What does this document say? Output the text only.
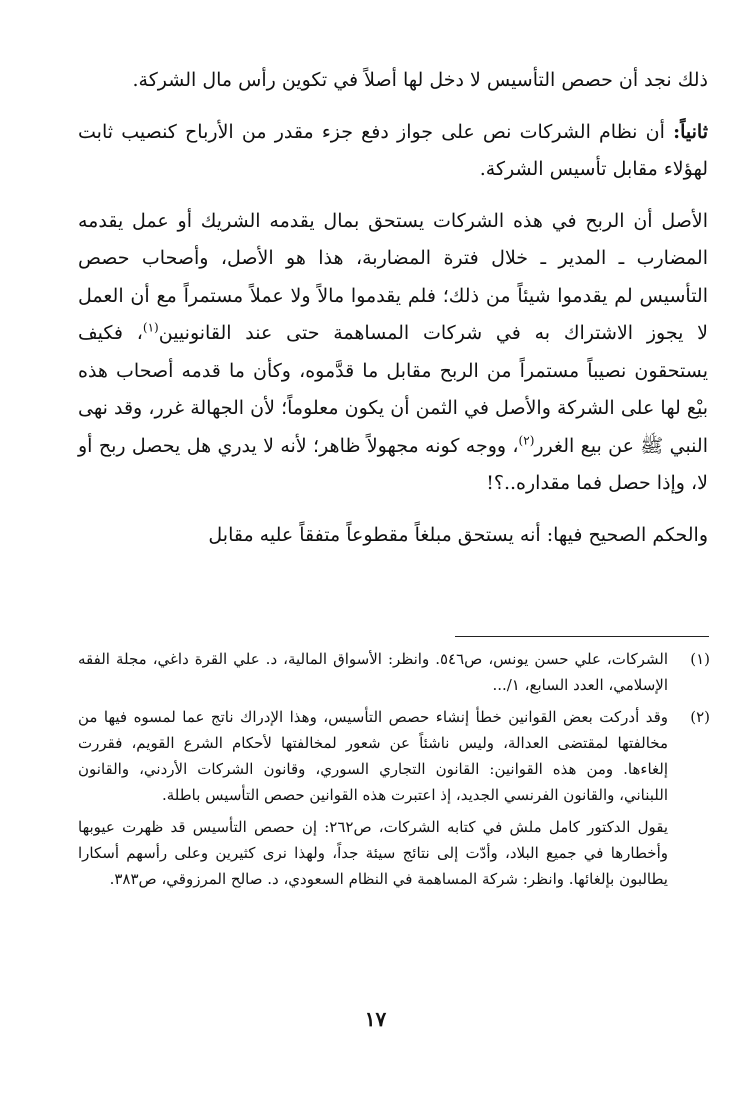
ذلك نجد أن حصص التأسيس لا دخل لها أصلاً في تكوين رأس مال الشركة.

ثانياً: أن نظام الشركات نص على جواز دفع جزء مقدر من الأرباح كنصيب ثابت لهؤلاء مقابل تأسيس الشركة.

الأصل أن الربح في هذه الشركات يستحق بمال يقدمه الشريك أو عمل يقدمه المضارب ـ المدير ـ خلال فترة المضاربة، هذا هو الأصل، وأصحاب حصص التأسيس لم يقدموا شيئاً من ذلك؛ فلم يقدموا مالاً ولا عملاً مستمراً مع أن العمل لا يجوز الاشتراك به في شركات المساهمة حتى عند القانونيين$^{(١)}$، فكيف يستحقون نصيباً مستمراً من الربح مقابل ما قدَّموه، وكأن ما قدمه أصحاب هذه بيْع لها على الشركة والأصل في الثمن أن يكون معلوماً؛ لأن الجهالة غرر، وقد نهى النبي ﷺ عن بيع الغرر$^{(٢)}$، ووجه كونه مجهولاً ظاهر؛ لأنه لا يدري هل يحصل ربح أو لا، وإذا حصل فما مقداره..؟!

والحكم الصحيح فيها: أنه يستحق مبلغاً مقطوعاً متفقاً عليه مقابل

(١)
الشركات، علي حسن يونس، ص٥٤٦. وانظر: الأسواق المالية، د. علي القرة داغي، مجلة الفقه الإسلامي، العدد السابع، ١/...
(٢)
وقد أدركت بعض القوانين خطأ إنشاء حصص التأسيس، وهذا الإدراك ناتج عما لمسوه فيها من مخالفتها لمقتضى العدالة، وليس ناشئاً عن شعور لمخالفتها لأحكام الشرع القويم، فقررت إلغاءها. ومن هذه القوانين: القانون التجاري السوري، وقانون الشركات الأردني، والقانون اللبناني، والقانون الفرنسي الجديد، إذ اعتبرت هذه القوانين حصص التأسيس باطلة.
يقول الدكتور كامل ملش في كتابه الشركات، ص٢٦٢: إن حصص التأسيس قد ظهرت عيوبها وأخطارها في جميع البلاد، وأدّت إلى نتائج سيئة جداً، ولهذا نرى كثيرين وعلى رأسهم أسكارا يطالبون بإلغائها. وانظر: شركة المساهمة في النظام السعودي، د. صالح المرزوقي، ص٣٨٣.
١٧
